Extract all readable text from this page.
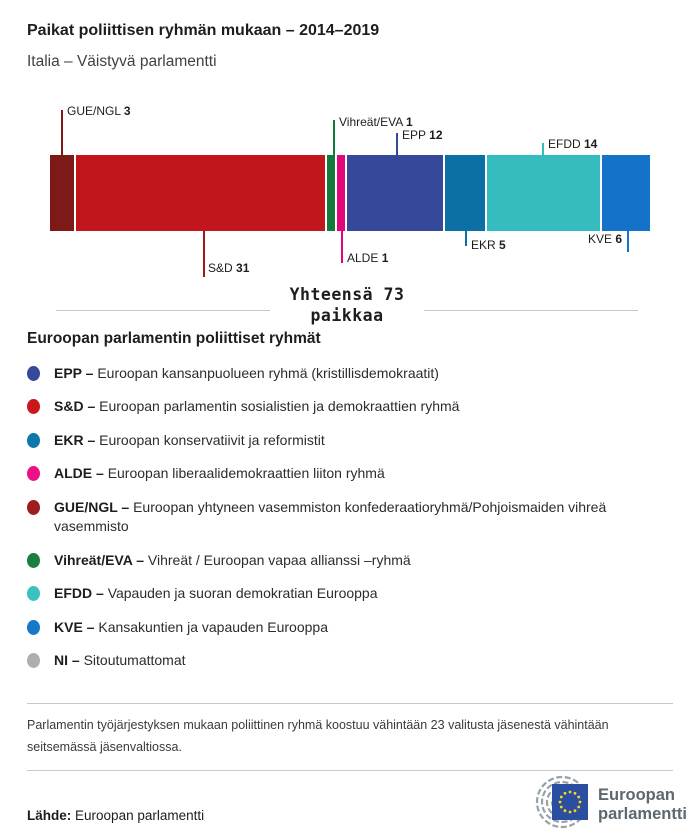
Paikat poliittisen ryhmän mukaan – 2014–2019

Italia – Väistyvä parlamentti

GUE/NGL 3
S&D 31
Vihreät/EVA 1
ALDE 1
EPP 12
EKR 5
EFDD 14
KVE 6
Yhteensä 73
paikkaa
Euroopan parlamentin poliittiset ryhmät
EPP – Euroopan kansanpuolueen ryhmä (kristillisdemokraatit)
S&D – Euroopan parlamentin sosialistien ja demokraattien ryhmä
EKR – Euroopan konservatiivit ja reformistit
ALDE – Euroopan liberaalidemokraattien liiton ryhmä
GUE/NGL – Euroopan yhtyneen vasemmiston konfederaatioryhmä/Pohjoismaiden vihreä vasemmisto
Vihreät/EVA – Vihreät / Euroopan vapaa allianssi –ryhmä
EFDD – Vapauden ja suoran demokratian Eurooppa
KVE – Kansakuntien ja vapauden Eurooppa
NI – Sitoutumattomat

Parlamentin työjärjestyksen mukaan poliittinen ryhmä koostuu vähintään 23 valitusta jäsenestä vähintään seitsemässä jäsenvaltiossa.

Lähde: Euroopan parlamentti
Euroopan
parlamentti
